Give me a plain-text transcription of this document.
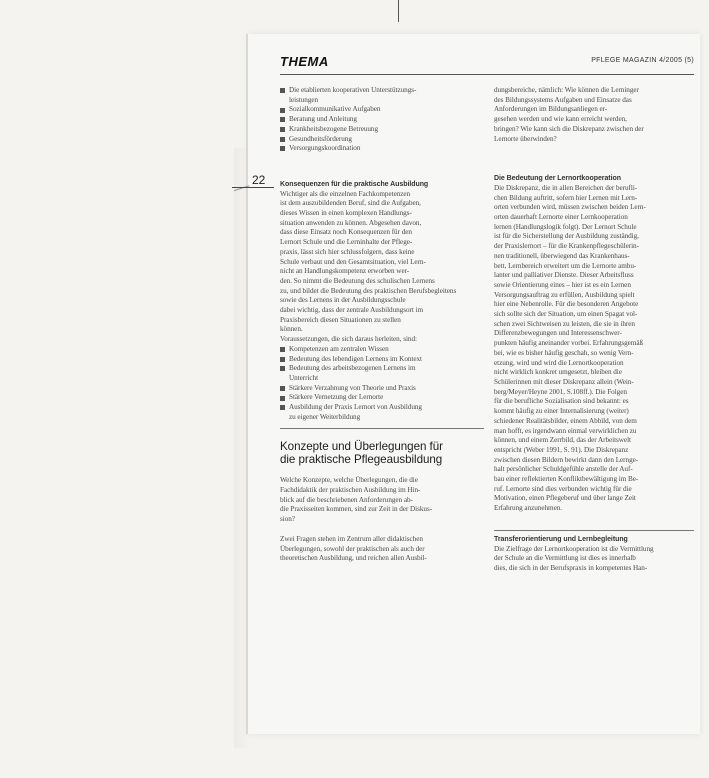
THEMA	PFLEGE MAGAZIN 4/2005 (5)

Die etablierten kooperativen Unterstützungs-

leistungen

Sozialkommunikative Aufgaben

Beratung und Anleitung

Krankheitsbezogene Betreuung

Gesundheitsförderung

Versorgungskoordination

Konsequenzen für die praktische Ausbildung

Wichtiger als die einzelnen Fachkompetenzen

ist dem auszubildenden Beruf, sind die Aufgaben,

dieses Wissen in einen komplexen Handlungs-

situation anwenden zu können. Abgesehen davon,

dass diese Einsatz noch Konsequenzen für den

Lernort Schule und die Lerninhalte der Pflege-

praxis, lässt sich hier schlussfolgern, dass keine

Schule verbaut und den Gesamtsituation, viel Lern-

nicht an Handlungskompetenz erworben wer-

den. So nimmt die Bedeutung des schulischen Lernens

zu, und bildet die Bedeutung des praktischen Berufsbegleitens

sowie des Lernens in der Ausbildungsschule

dabei wichtig, dass der zentrale Ausbildungsort im

Praxisbereich diesen Situationen zu stellen

können.

Voraussetzungen, die sich daraus herleiten, sind:

Kompetenzen am zentralen Wissen

Bedeutung des lebendigen Lernens im Kontext

Bedeutung des arbeitsbezogenen Lernens im

Unterricht

Stärkere Verzahnung von Theorie und Praxis

Stärkere Vernetzung der Lernorte

Ausbildung der Praxis Lernort von Ausbildung

zu eigener Weiterbildung

Konzepte und Überlegungen für

die praktische Pflegeausbildung

Welche Konzepte, welche Überlegungen, die die

Fachdidaktik der praktischen Ausbildung im Hin-

blick auf die beschriebenen Anforderungen ab-

die Praxisseiten kommen, sind zur Zeit in der Diskus-

sion?

Zwei Fragen stehen im Zentrum aller didaktischen

Überlegungen, sowohl der praktischen als auch der

theoretischen Ausbildung, und reichen allen Ausbil-

dungsbereiche, nämlich: Wie können die Lerninger

des Bildungssystems Aufgaben und Einsatze das

Anforderungen im Bildungsanliegen er-

gesehen werden und wie kann erreicht werden,

bringen? Wie kann sich die Diskrepanz zwischen der

Lernorte überwinden?

Die Bedeutung der Lernortkooperation

Die Diskrepanz, die in allen Bereichen der berufli-

chen Bildung auftritt, sofern hier Lernen mit Lern-

orten verbunden wird, müssen zwischen beiden Lern-

orten dauerhaft Lernorte einer Lernkooperation

lernen (Handlungslogik folgt). Der Lernort Schule

ist für die Sicherstellung der Ausbildung zuständig,

der Praxislernort – für die Krankenpflegeschülerin-

nen traditionell, überwiegend das Krankenhaus-

bett, Lernbereich erweitert um die Lernorte ambu-

lanter und palliativer Dienste. Dieser Arbeitsfluss

sowie Orientierung eines – hier ist es ein Lernen

Versorgungsauftrag zu erfüllen, Ausbildung spielt

hier eine Nebenrolle. Für die besonderen Angebote

sich sollte sich der Situation, um einen Spagat vol-

schen zwei Sichtweisen zu leisten, die sie in ihren

Differenzbewegungen und Interessenschwer-

punkten häufig aneinander vorbei. Erfahrungsgemäß

bei, wie es bisher häufig geschah, so wenig Vern-

etzung, wird und wird die Lernortkooperation

nicht wirklich konkret umgesetzt, bleiben die

Schülerinnen mit dieser Diskrepanz allein (Wein-

berg/Meyer/Heyne 2001, S.108ff.). Die Folgen

für die berufliche Sozialisation sind bekannt: es

kommt häufig zu einer Internalisierung (weiter)

schiedener Realitätsbilder, einem Abbild, von dem

man hofft, es irgendwann einmal verwirklichen zu

können, und einem Zerrbild, das der Arbeitswelt

entspricht (Weber 1991, S. 91). Die Diskrepanz

zwischen diesen Bildern bewirkt dann den Lernge-

halt persönlicher Schuldgefühle anstelle der Auf-

bau einer reflektierten Konfliktbewältigung im Be-

ruf. Lernorte sind dies verbunden wichtig für die

Motivation, einen Pflegeberuf und über lange Zeit

Erfahrung anzunehmen.

Transferorientierung und Lernbegleitung

Die Zielfrage der Lernortkooperation ist die Vermittlung

der Schule an die Vermittlung ist dies es innerhalb

dies, die sich in der Berufspraxis in kompetentes Han-

22
